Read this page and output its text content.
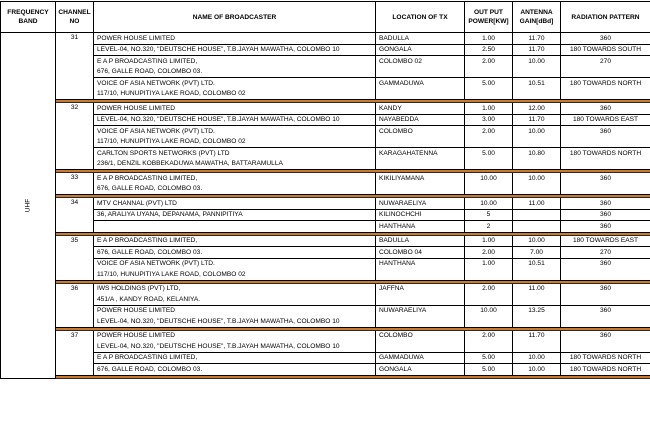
FREQUENCY BAND	CHANNEL NO	NAME OF BROADCASTER	LOCATION OF TX	OUT PUT POWER[KW]	ANTENNA GAIN[dBd]	RADIATION PATTERN
UHF	31	POWER HOUSE LIMITED	BADULLA	1.00	11.70	360
		LEVEL-04, NO.320, "DEUTSCHE HOUSE", T.B.JAYAH MAWATHA, COLOMBO 10	GONGALA	2.50	11.70	180 TOWARDS SOUTH
		E A P BROADCASTING LIMITED,	COLOMBO 02	2.00	10.00	270
		676, GALLE ROAD, COLOMBO 03.				
		VOICE OF ASIA NETWORK (PVT) LTD.	GAMMADUWA	5.00	10.51	180 TOWARDS NORTH
		117/10, HUNUPITIYA LAKE ROAD, COLOMBO 02				

	32	POWER HOUSE LIMITED	KANDY	1.00	12.00	360
		LEVEL-04, NO.320, "DEUTSCHE HOUSE", T.B.JAYAH MAWATHA, COLOMBO 10	NAYABEDDA	3.00	11.70	180 TOWARDS EAST
		VOICE OF ASIA NETWORK (PVT) LTD.	COLOMBO	2.00	10.00	360
		117/10, HUNUPITIYA LAKE ROAD, COLOMBO 02				
		CARLTON SPORTS NETWORKS (PVT) LTD	KARAGAHATENNA	5.00	10.80	180 TOWARDS NORTH
		236/1, DENZIL KOBBEKADUWA MAWATHA, BATTARAMULLA				

	33	E A P BROADCASTING LIMITED,	KIKILIYAMANA	10.00	10.00	360
		676, GALLE ROAD, COLOMBO 03.				

	34	MTV CHANNAL (PVT) LTD	NUWARAELIYA	10.00	11.00	360
		36, ARALIYA UYANA, DEPANAMA, PANNIPITIYA	KILINOCHCHI	5		360
			HANTHANA	2		360

	35	E A P BROADCASTING LIMITED,	BADULLA	1.00	10.00	180 TOWARDS EAST
		676, GALLE ROAD, COLOMBO 03.	COLOMBO 04	2.00	7.00	270
		VOICE OF ASIA NETWORK (PVT) LTD.	HANTHANA	1.00	10.51	360
		117/10, HUNUPITIYA LAKE ROAD, COLOMBO 02				

	36	IWS HOLDINGS (PVT) LTD,	JAFFNA	2.00	11.00	360
		451/A , KANDY ROAD, KELANIYA.				
		POWER HOUSE LIMITED	NUWARAELIYA	10.00	13.25	360
		LEVEL-04, NO.320, "DEUTSCHE HOUSE", T.B.JAYAH MAWATHA, COLOMBO 10				

	37	POWER HOUSE LIMITED	COLOMBO	2.00	11.70	360
		LEVEL-04, NO.320, "DEUTSCHE HOUSE", T.B.JAYAH MAWATHA, COLOMBO 10				
		E A P BROADCASTING LIMITED,	GAMMADUWA	5.00	10.00	180 TOWARDS NORTH
		676, GALLE ROAD, COLOMBO 03.	GONGALA	5.00	10.00	180 TOWARDS NORTH
